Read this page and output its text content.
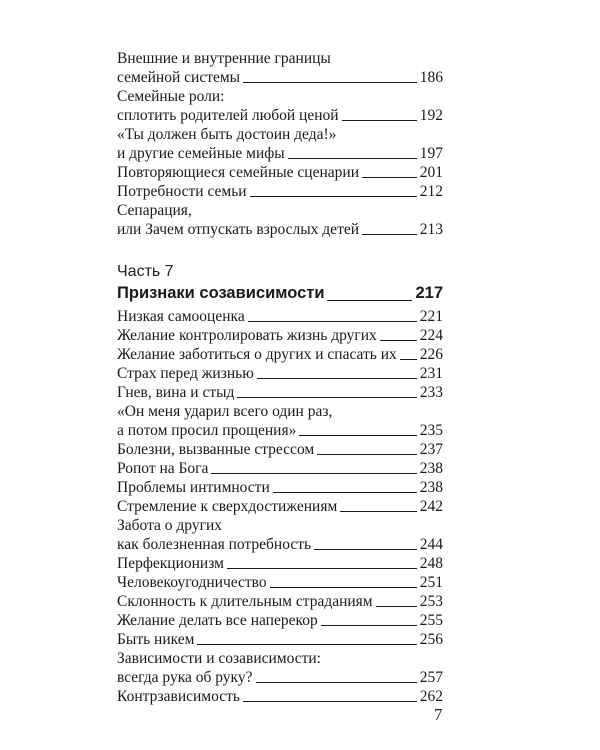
Внешние и внутренние границы
семейной системы	186
Семейные роли:
сплотить родителей любой ценой	192
«Ты должен быть достоин деда!»
и другие семейные мифы	197
Повторяющиеся семейные сценарии	201
Потребности семьи	212
Сепарация,
или Зачем отпускать взрослых детей	213
Часть 7
Признаки созависимости	217
Низкая самооценка	221
Желание контролировать жизнь других	224
Желание заботиться о других и спасать их 226
Страх перед жизнью	231
Гнев, вина и стыд	233
«Он меня ударил всего один раз,
а потом просил прощения»	235
Болезни, вызванные стрессом	237
Ропот на Бога	238
Проблемы интимности	238
Стремление к сверхдостижениям	242
Забота о других
как болезненная потребность	244
Перфекционизм	248
Человекоугодничество	251
Склонность к длительным страданиям	253
Желание делать все наперекор	255
Быть никем	256
Зависимости и созависимости:
всегда рука об руку?	257
Контрзависимость	262
7
